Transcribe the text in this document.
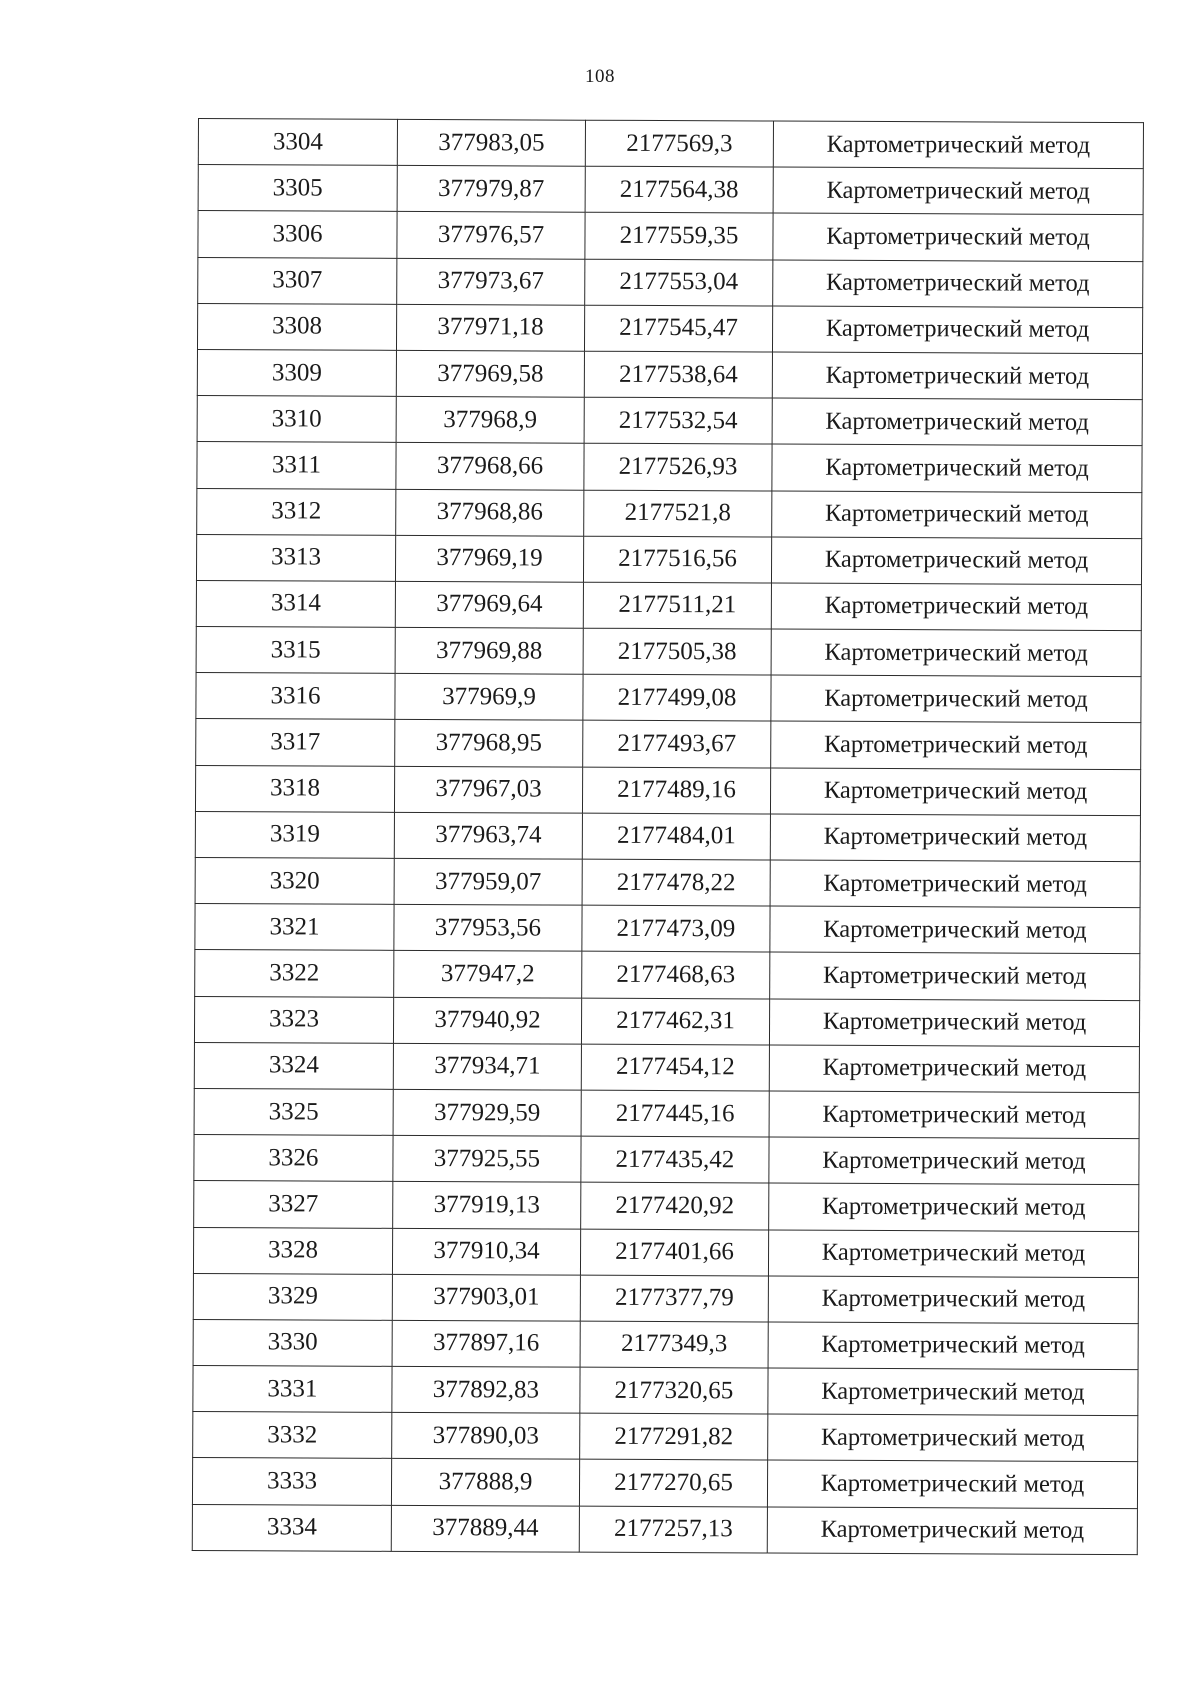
108
3304	377983,05	2177569,3	Картометрический метод
3305	377979,87	2177564,38	Картометрический метод
3306	377976,57	2177559,35	Картометрический метод
3307	377973,67	2177553,04	Картометрический метод
3308	377971,18	2177545,47	Картометрический метод
3309	377969,58	2177538,64	Картометрический метод
3310	377968,9	2177532,54	Картометрический метод
3311	377968,66	2177526,93	Картометрический метод
3312	377968,86	2177521,8	Картометрический метод
3313	377969,19	2177516,56	Картометрический метод
3314	377969,64	2177511,21	Картометрический метод
3315	377969,88	2177505,38	Картометрический метод
3316	377969,9	2177499,08	Картометрический метод
3317	377968,95	2177493,67	Картометрический метод
3318	377967,03	2177489,16	Картометрический метод
3319	377963,74	2177484,01	Картометрический метод
3320	377959,07	2177478,22	Картометрический метод
3321	377953,56	2177473,09	Картометрический метод
3322	377947,2	2177468,63	Картометрический метод
3323	377940,92	2177462,31	Картометрический метод
3324	377934,71	2177454,12	Картометрический метод
3325	377929,59	2177445,16	Картометрический метод
3326	377925,55	2177435,42	Картометрический метод
3327	377919,13	2177420,92	Картометрический метод
3328	377910,34	2177401,66	Картометрический метод
3329	377903,01	2177377,79	Картометрический метод
3330	377897,16	2177349,3	Картометрический метод
3331	377892,83	2177320,65	Картометрический метод
3332	377890,03	2177291,82	Картометрический метод
3333	377888,9	2177270,65	Картометрический метод
3334	377889,44	2177257,13	Картометрический метод
